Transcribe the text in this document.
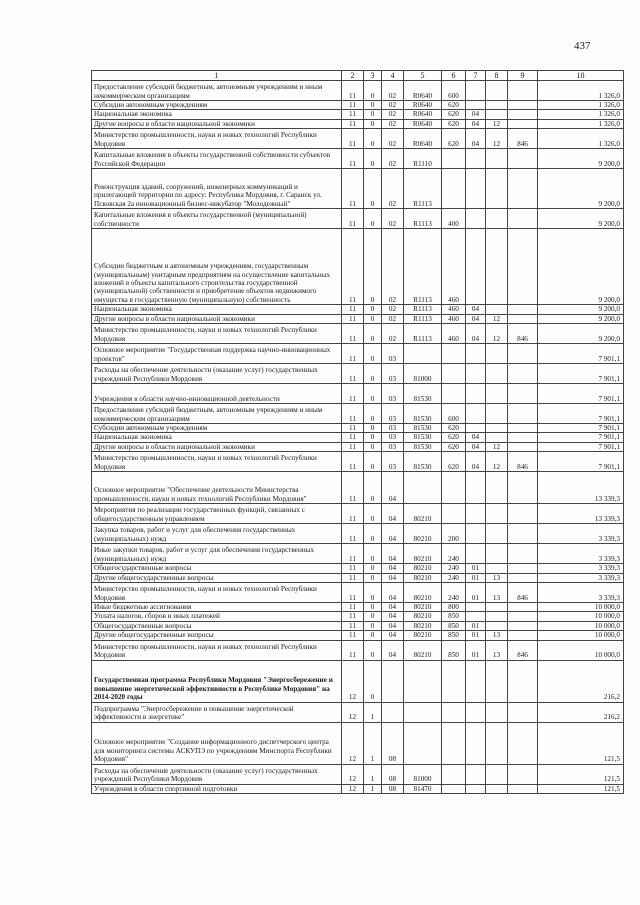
437
1	2	3	4	5	6	7	8	9	10
Предоставление субсидий бюджетным, автономным учреждениям и иным некоммерческим организациям	11	0	02	R0640	600				1 326,0
Субсидии автономным учреждениям	11	0	02	R0640	620				1 326,0
Национальная экономика	11	0	02	R0640	620	04			1 326,0
Другие вопросы в области национальной экономики	11	0	02	R0640	620	04	12		1 326,0
Министерство промышленности, науки и новых технологий Республики Мордовия	11	0	02	R0640	620	04	12	846	1 326,0
Капитальные вложения в объекты государственной собственности субъектов Российской Федерации	11	0	02	R1110					9 200,0
Реконструкция зданий, сооружений, инженерных коммуникаций и прилегающей территории по адресу: Республика Мордовия, г. Саранск ул. Псковская 2а инновационный бизнес-инкубатор "Молодежный"	11	0	02	R1113					9 200,0
Капитальные вложения в объекты государственной (муниципальной) собственности	11	0	02	R1113	400				9 200,0
Субсидии бюджетным и автономным учреждениям, государственным (муниципальным) унитарным предприятиям на осуществление капитальных вложений в объекты капитального строительства государственной (муниципальной) собственности и приобретение объектов недвижимого имущества в государственную (муниципальную) собственность	11	0	02	R1113	460				9 200,0
Национальная экономика	11	0	02	R1113	460	04			9 200,0
Другие вопросы в области национальной экономики	11	0	02	R1113	460	04	12		9 200,0
Министерство промышленности, науки и новых технологий Республики Мордовия	11	0	02	R1113	460	04	12	846	9 200,0
Основное мероприятие "Государственная поддержка научно-инновационных проектов"	11	0	03						7 901,1
Расходы на обеспечение деятельности (оказание услуг) государственных учреждений Республики Мордовия	11	0	03	81000					7 901,1
Учреждения в области научно-инновационной деятельности	11	0	03	81530					7 901,1
Предоставление субсидий бюджетным, автономным учреждениям и иным некоммерческим организациям	11	0	03	81530	600				7 901,1
Субсидии автономным учреждениям	11	0	03	81530	620				7 901,1
Национальная экономика	11	0	03	81530	620	04			7 901,1
Другие вопросы в области национальной экономики	11	0	03	81530	620	04	12		7 901,1
Министерство промышленности, науки и новых технологий Республики Мордовия	11	0	03	81530	620	04	12	846	7 901,1
Основное мероприятие "Обеспечение деятельности Министерства промышленности, науки и новых технологий Республики Мордовия"	11	0	04						13 339,3
Мероприятия по реализации государственных функций, связанных с общегосударственным управлением	11	0	04	80210					13 339,3
Закупка товаров, работ и услуг для обеспечения государственных (муниципальных) нужд	11	0	04	80210	200				3 339,3
Иные закупки товаров, работ и услуг для обеспечения государственных (муниципальных) нужд	11	0	04	80210	240				3 339,3
Общегосударственные вопросы	11	0	04	80210	240	01			3 339,3
Другие общегосударственные вопросы	11	0	04	80210	240	01	13		3 339,3
Министерство промышленности, науки и новых технологий Республики Мордовия	11	0	04	80210	240	01	13	846	3 339,3
Иные бюджетные ассигнования	11	0	04	80210	800				10 000,0
Уплата налогов, сборов и иных платежей	11	0	04	80210	850				10 000,0
Общегосударственные вопросы	11	0	04	80210	850	01			10 000,0
Другие общегосударственные вопросы	11	0	04	80210	850	01	13		10 000,0
Министерство промышленности, науки и новых технологий Республики Мордовия	11	0	04	80210	850	01	13	846	10 000,0
Государственная программа Республики Мордовия "Энергосбережение и повышение энергетической эффективности в Республике Мордовия" на 2014-2020 годы	12	0							216,2
Подпрограмма "Энергосбережение и повышение энергетической эффективности в энергетике"	12	1							216,2
Основное мероприятие "Создание информационного диспетчерского центра для мониторинга системы АСКУПЭ по учреждениям Минспорта Республики Мордовия"	12	1	08						121,5
Расходы на обеспечение деятельности (оказание услуг) государственных учреждений Республики Мордовия	12	1	08	81000					121,5
Учреждения в области спортивной подготовки	12	1	08	81470					121,5
